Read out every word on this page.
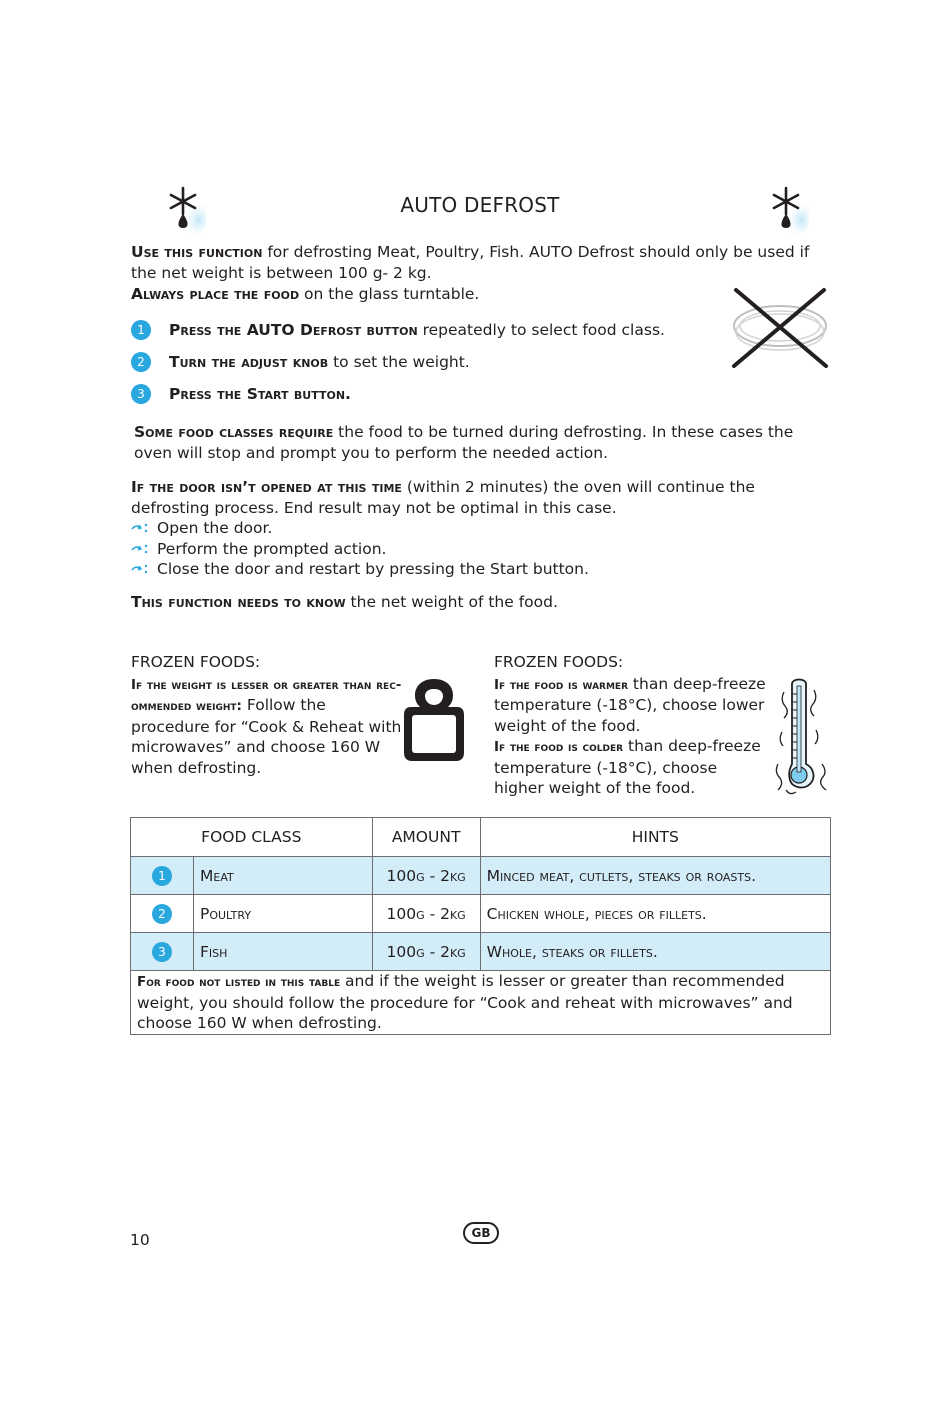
AUTO DEFROST
Use this function for defrosting Meat, Poultry, Fish. AUTO Defrost should only be used if the net weight is between 100 g- 2 kg.
Always place the food on the glass turntable.
1	Press the AUTO Defrost button repeatedly to select food class.
2	Turn the adjust knob to set the weight.
3	Press the Start button.
Some food classes require the food to be turned during defrosting. In these cases the oven will stop and prompt you to perform the needed action.
If the door isn’t opened at this time (within 2 minutes) the oven will continue the defrosting process. End result may not be optimal in this case.
Open the door.
Perform the prompted action.
Close the door and restart by pressing the Start button.
This function needs to know the net weight of the food.
FROZEN FOODS:
If the weight is lesser or greater than rec-ommended weight: Follow the procedure for “Cook & Reheat with microwaves” and choose 160 W when defrosting.
FROZEN FOODS:
If the food is warmer than deep-freeze temperature (-18°C), choose lower weight of the food.
If the food is colder than deep-freeze temperature (-18°C), choose higher weight of the food.
FOOD CLASS		AMOUNT	HINTS

1	Meat	100g - 2kg	Minced meat, cutlets, steaks or roasts.

2	Poultry	100g - 2kg	Chicken whole, pieces or fillets.

3	Fish	100g - 2kg	Whole, steaks or fillets.
For food not listed in this table and if the weight is lesser or greater than recommended weight, you should follow the procedure for “Cook and reheat with microwaves” and choose 160 W when defrosting.			
10	GB
